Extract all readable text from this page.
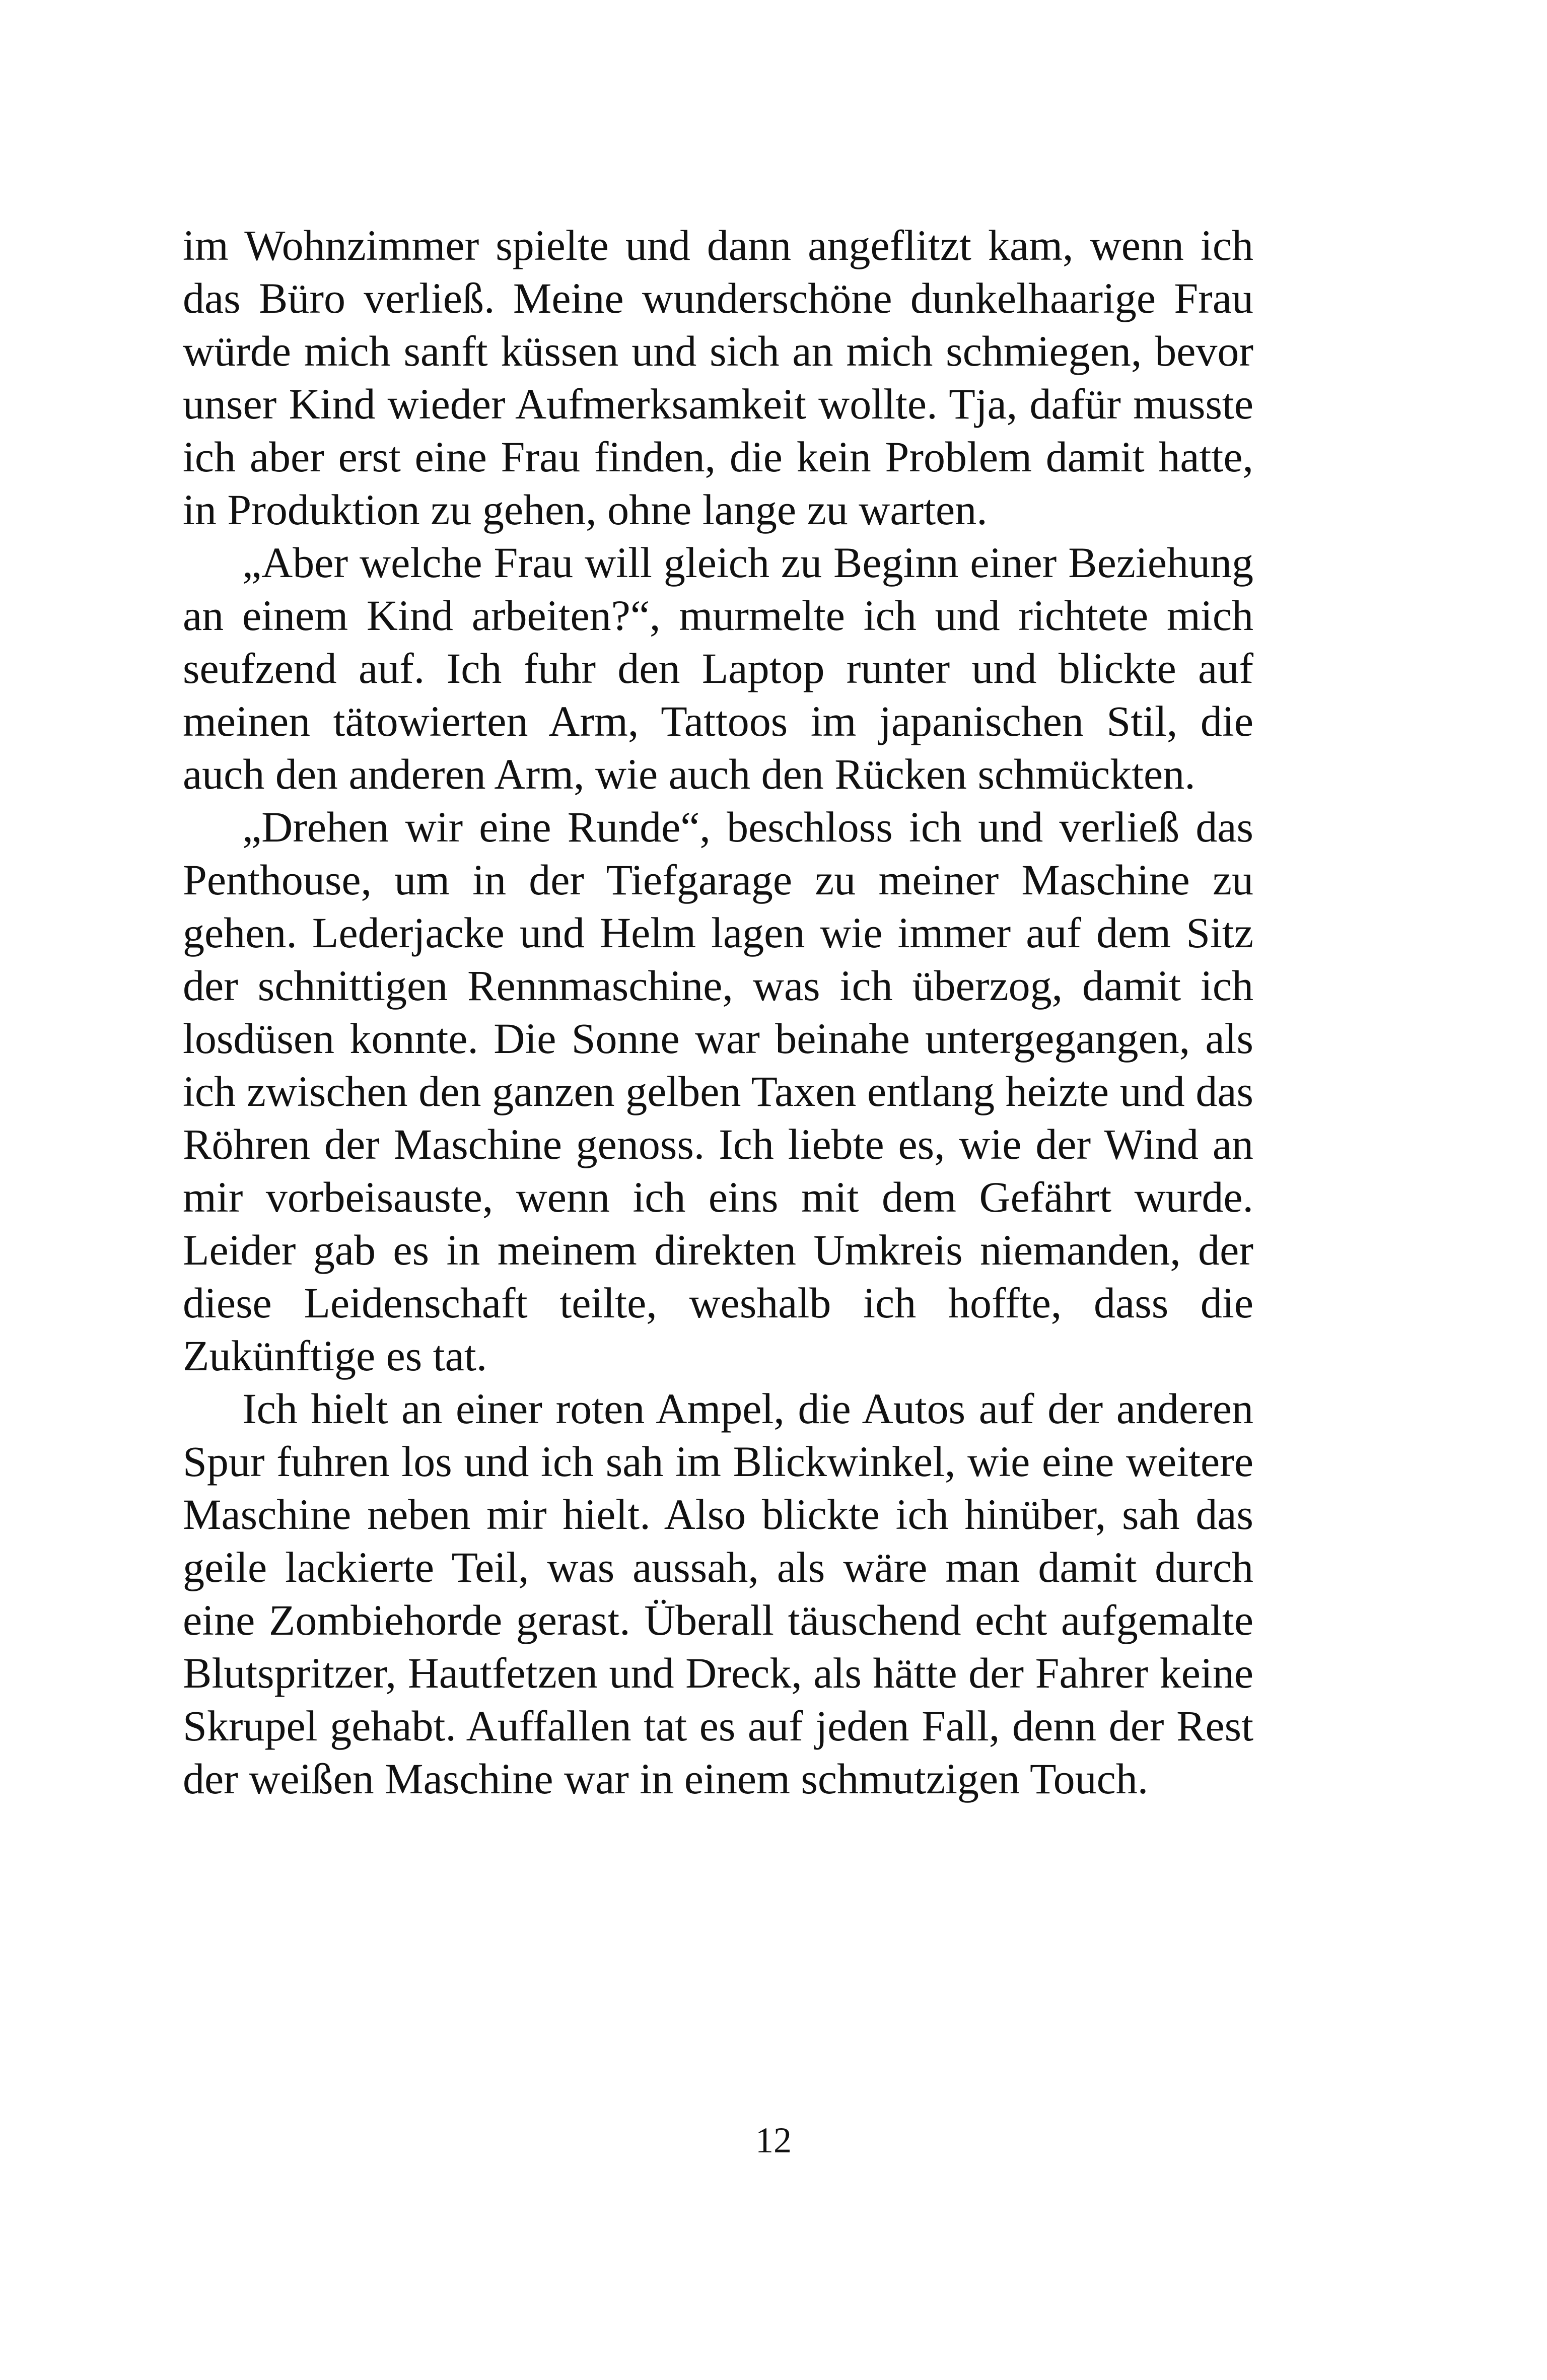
im Wohnzimmer spielte und dann angeflitzt kam, wenn ich das Büro verließ. Meine wunderschöne dunkelhaarige Frau würde mich sanft küssen und sich an mich schmiegen, bevor unser Kind wieder Aufmerksamkeit wollte. Tja, dafür musste ich aber erst eine Frau finden, die kein Problem damit hatte, in Produktion zu gehen, ohne lange zu warten.

„Aber welche Frau will gleich zu Beginn einer Beziehung an einem Kind arbeiten?“, murmelte ich und richtete mich seufzend auf. Ich fuhr den Laptop runter und blickte auf meinen tätowierten Arm, Tattoos im japanischen Stil, die auch den anderen Arm, wie auch den Rücken schmückten.

„Drehen wir eine Runde“, beschloss ich und verließ das Penthouse, um in der Tiefgarage zu meiner Maschine zu gehen. Lederjacke und Helm lagen wie immer auf dem Sitz der schnittigen Rennmaschine, was ich überzog, damit ich losdüsen konnte. Die Sonne war beinahe untergegangen, als ich zwischen den ganzen gelben Taxen entlang heizte und das Röhren der Maschine genoss. Ich liebte es, wie der Wind an mir vorbeisauste, wenn ich eins mit dem Gefährt wurde. Leider gab es in meinem direkten Umkreis niemanden, der diese Leidenschaft teilte, weshalb ich hoffte, dass die Zukünftige es tat.

Ich hielt an einer roten Ampel, die Autos auf der anderen Spur fuhren los und ich sah im Blickwinkel, wie eine weitere Maschine neben mir hielt. Also blickte ich hinüber, sah das geile lackierte Teil, was aussah, als wäre man damit durch eine Zombiehorde gerast. Überall täuschend echt aufgemalte Blutspritzer, Hautfetzen und Dreck, als hätte der Fahrer keine Skrupel gehabt. Auffallen tat es auf jeden Fall, denn der Rest der weißen Maschine war in einem schmutzigen Touch.

12
